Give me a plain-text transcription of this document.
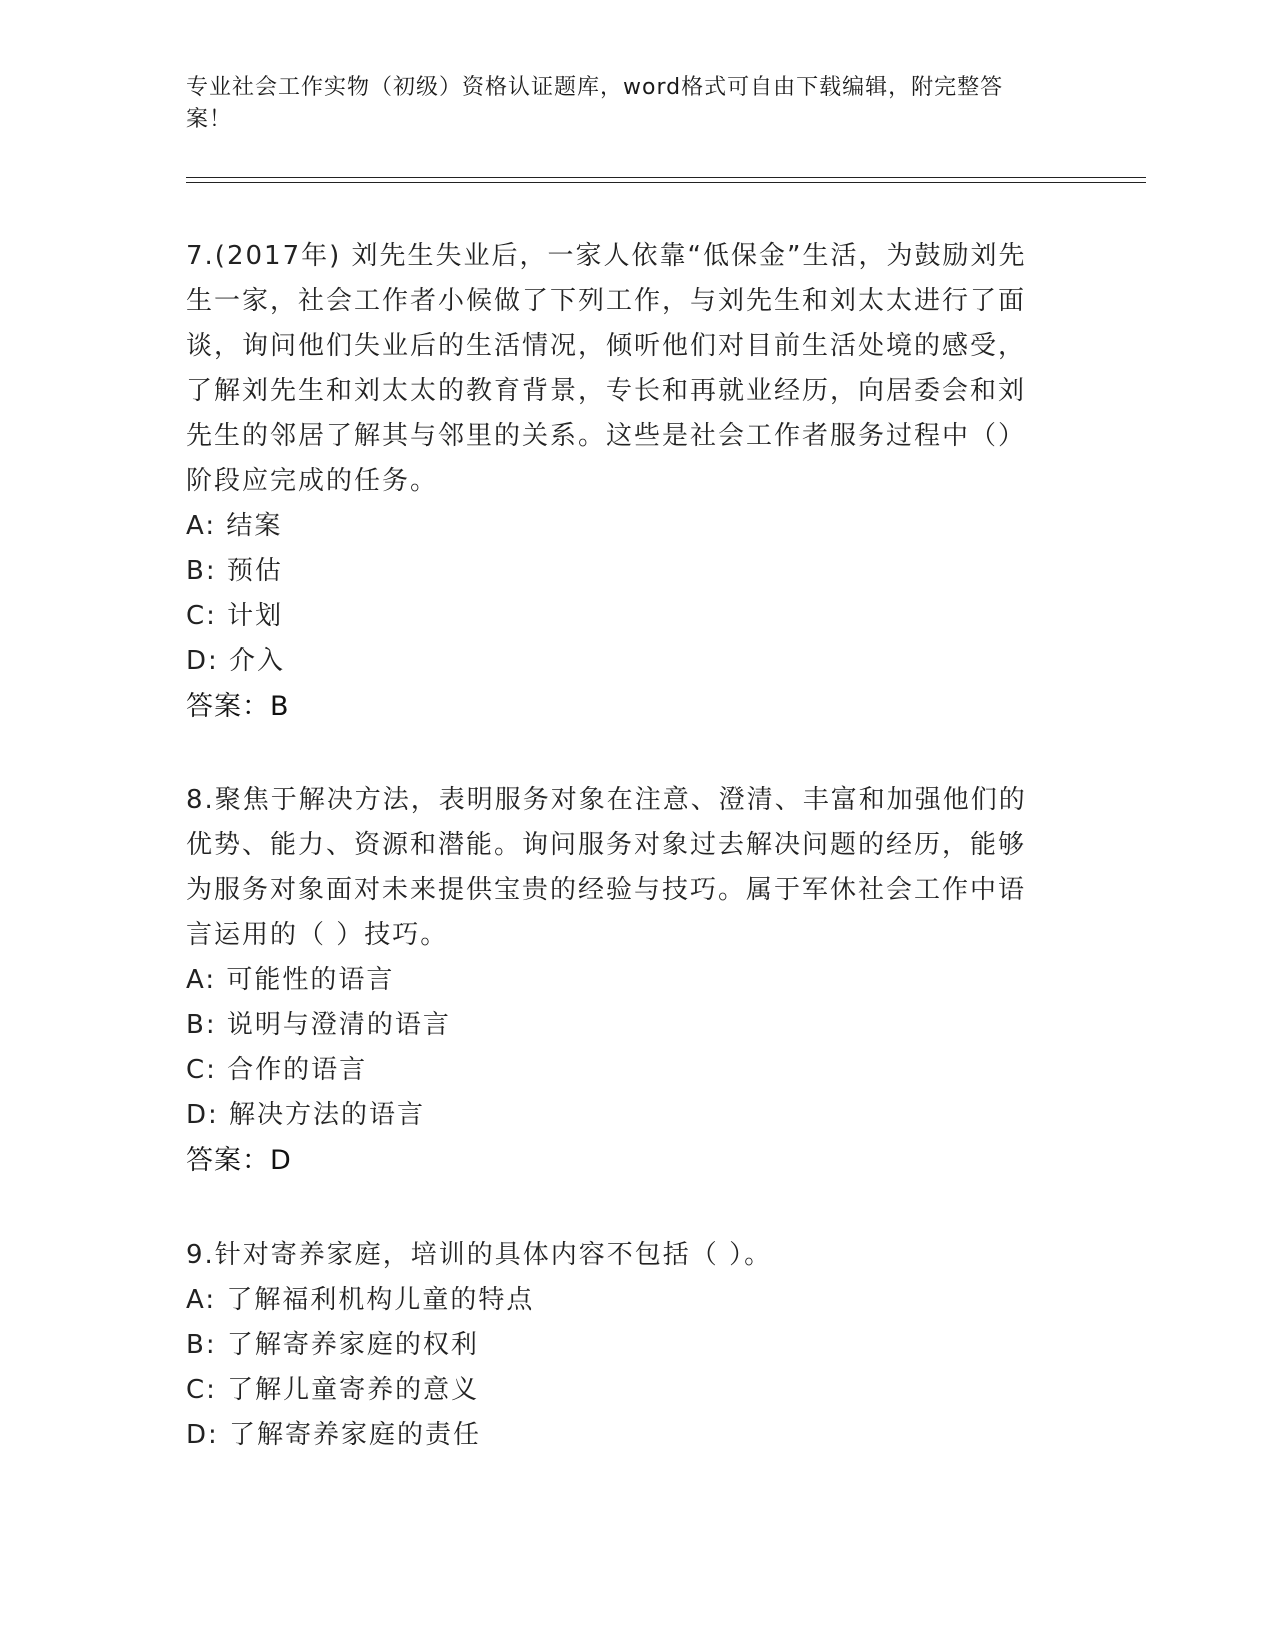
专业社会工作实物（初级）资格认证题库，word格式可自由下载编辑，附完整答
案！
7.(2017年) 刘先生失业后，一家人依靠“低保金”生活，为鼓励刘先
生一家，社会工作者小候做了下列工作，与刘先生和刘太太进行了面
谈，询问他们失业后的生活情况，倾听他们对目前生活处境的感受，
了解刘先生和刘太太的教育背景，专长和再就业经历，向居委会和刘
先生的邻居了解其与邻里的关系。这些是社会工作者服务过程中（）
阶段应完成的任务。
A: 结案
B: 预估
C: 计划
D: 介入
答案：B
8.聚焦于解决方法，表明服务对象在注意、澄清、丰富和加强他们的
优势、能力、资源和潜能。询问服务对象过去解决问题的经历，能够
为服务对象面对未来提供宝贵的经验与技巧。属于军休社会工作中语
言运用的（ ）技巧。
A: 可能性的语言
B: 说明与澄清的语言
C: 合作的语言
D: 解决方法的语言
答案：D
9.针对寄养家庭，培训的具体内容不包括（ ）。
A: 了解福利机构儿童的特点
B: 了解寄养家庭的权利
C: 了解儿童寄养的意义
D: 了解寄养家庭的责任
